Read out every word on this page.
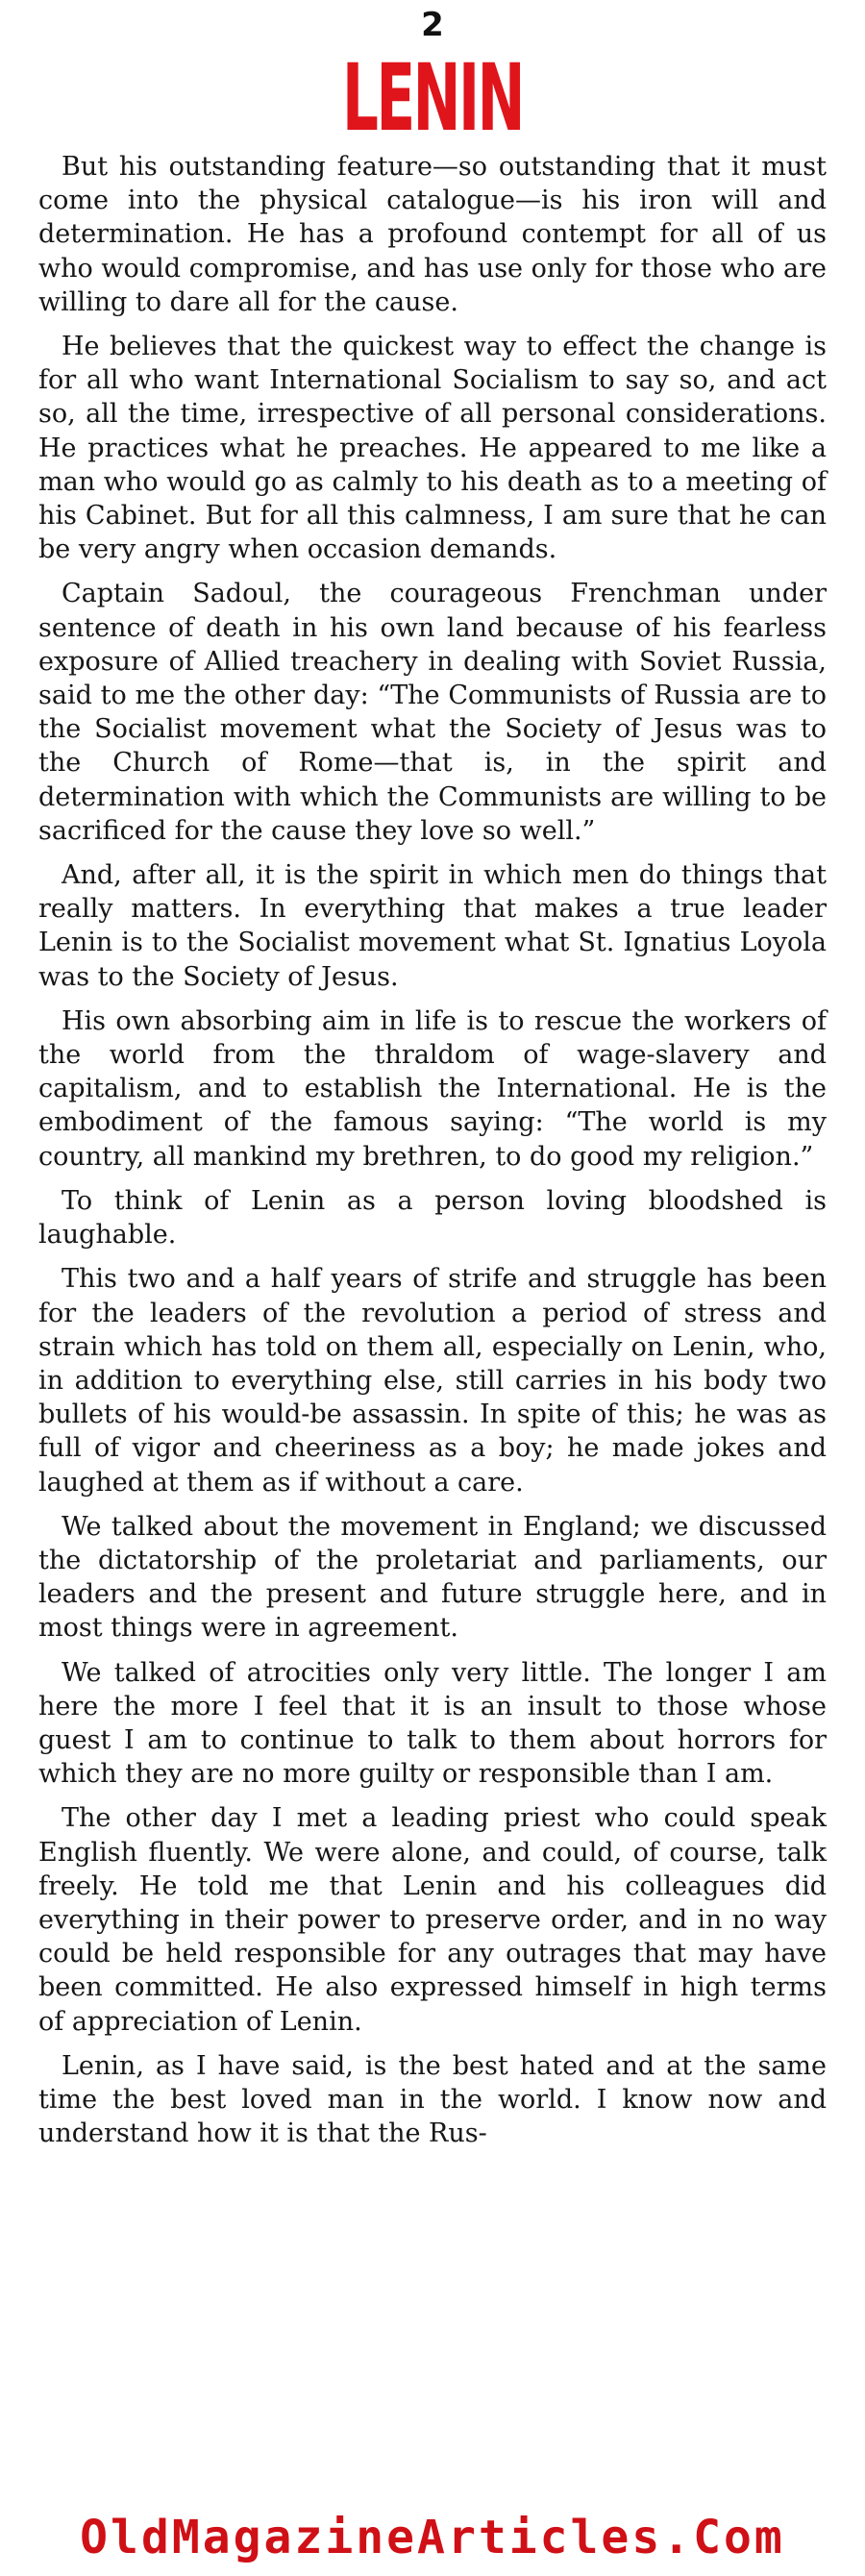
2
LENIN

But his outstanding feature—so outstanding that it must come into the physical catalogue—is his iron will and determination. He has a profound contempt for all of us who would compromise, and has use only for those who are willing to dare all for the cause.

He believes that the quickest way to effect the change is for all who want International Socialism to say so, and act so, all the time, irrespective of all personal considerations. He practices what he preaches. He appeared to me like a man who would go as calmly to his death as to a meeting of his Cabinet. But for all this calmness, I am sure that he can be very angry when occasion demands.

Captain Sadoul, the courageous Frenchman under sentence of death in his own land because of his fearless exposure of Allied treachery in dealing with Soviet Russia, said to me the other day: “The Communists of Russia are to the Socialist movement what the Society of Jesus was to the Church of Rome—that is, in the spirit and determination with which the Communists are willing to be sacrificed for the cause they love so well.”

And, after all, it is the spirit in which men do things that really matters. In everything that makes a true leader Lenin is to the Socialist movement what St. Ignatius Loyola was to the Society of Jesus.

His own absorbing aim in life is to rescue the workers of the world from the thraldom of wage-slavery and capitalism, and to establish the International. He is the embodiment of the famous saying: “The world is my country, all mankind my brethren, to do good my religion.”

To think of Lenin as a person loving bloodshed is laughable.

This two and a half years of strife and struggle has been for the leaders of the revolution a period of stress and strain which has told on them all, especially on Lenin, who, in addition to everything else, still carries in his body two bullets of his would-be assassin. In spite of this; he was as full of vigor and cheeriness as a boy; he made jokes and laughed at them as if without a care.

We talked about the movement in England; we discussed the dictatorship of the proletariat and parliaments, our leaders and the present and future struggle here, and in most things were in agreement.

We talked of atrocities only very little. The longer I am here the more I feel that it is an insult to those whose guest I am to continue to talk to them about horrors for which they are no more guilty or responsible than I am.

The other day I met a leading priest who could speak English fluently. We were alone, and could, of course, talk freely. He told me that Lenin and his colleagues did everything in their power to preserve order, and in no way could be held responsible for any outrages that may have been committed. He also expressed himself in high terms of appreciation of Lenin.

Lenin, as I have said, is the best hated and at the same time the best loved man in the world. I know now and understand how it is that the Rus-

OldMagazineArticles.Com
